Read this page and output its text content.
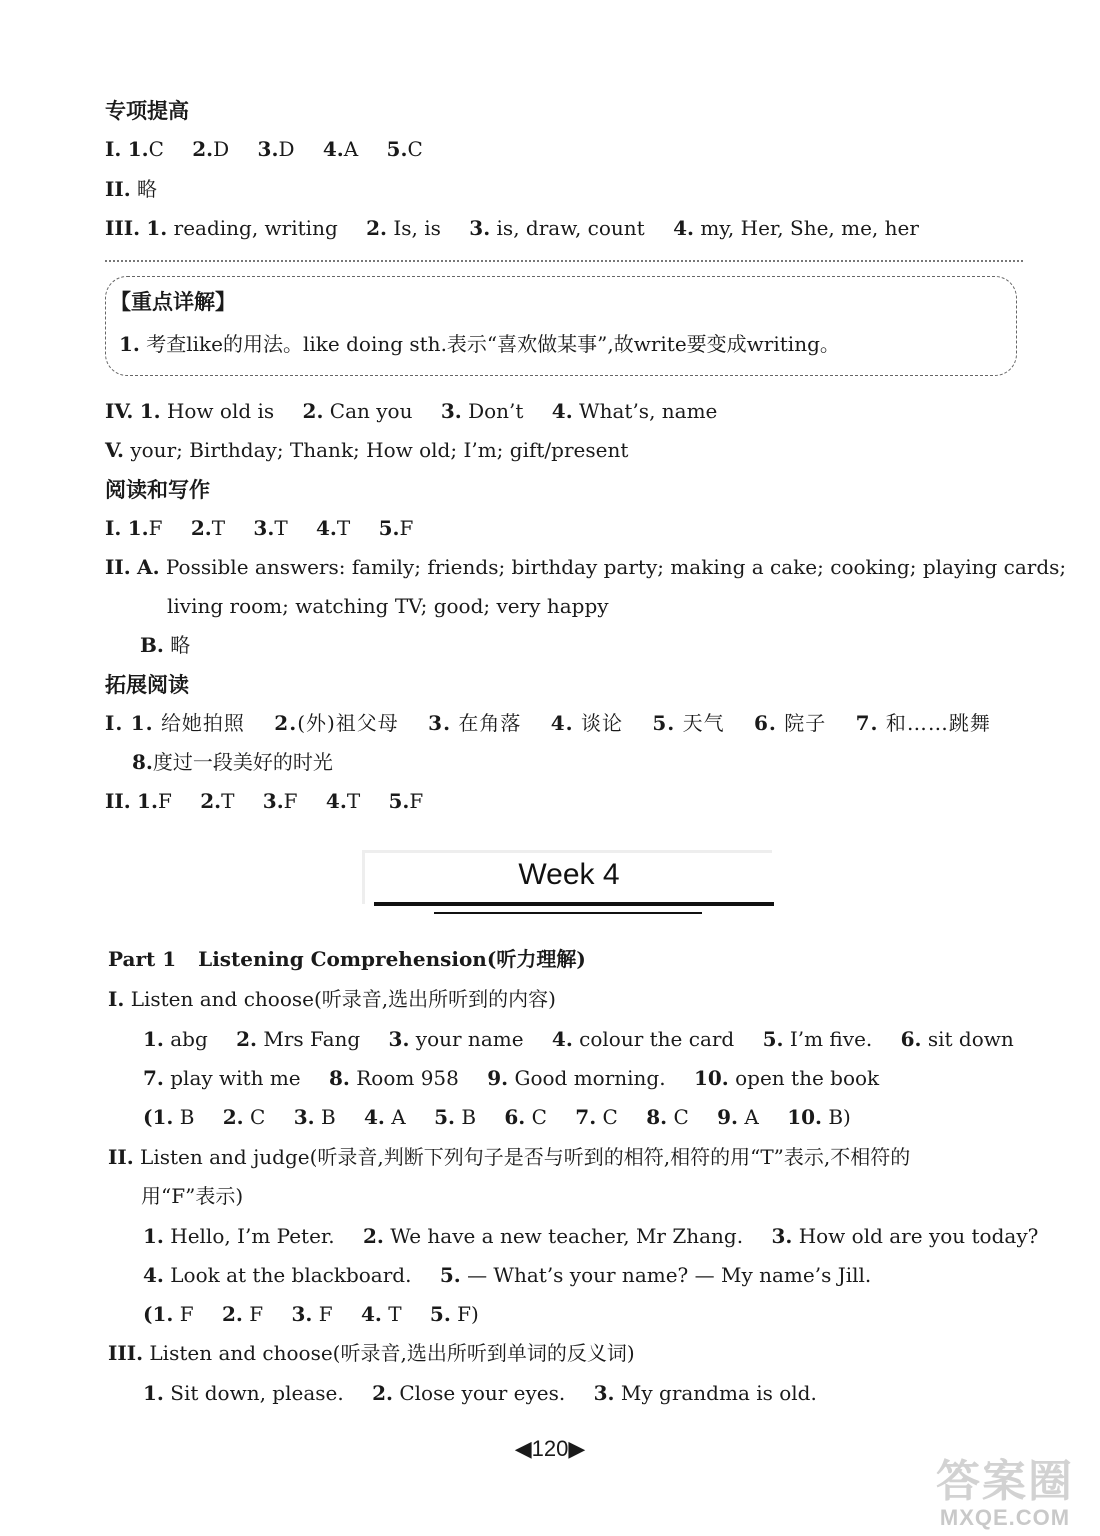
专项提高
I. 1.C 2.D 3.D 4.A 5.C
II. 略
III. 1. reading, writing 2. Is, is 3. is, draw, count 4. my, Her, She, me, her
【重点详解】
1. 考查like的用法。like doing sth.表示“喜欢做某事”,故write要变成writing。
IV. 1. How old is 2. Can you 3. Don’t 4. What’s, name
V. your; Birthday; Thank; How old; I’m; gift/present
阅读和写作
I. 1.F 2.T 3.T 4.T 5.F
II. A. Possible answers: family; friends; birthday party; making a cake; cooking; playing cards;
living room; watching TV; good; very happy
B. 略
拓展阅读
I. 1. 给她拍照 2.(外)祖父母 3. 在角落 4. 谈论 5. 天气 6. 院子 7. 和……跳舞
8.度过一段美好的时光
II. 1.F 2.T 3.F 4.T 5.F
Week 4
Part 1 Listening Comprehension(听力理解)
I. Listen and choose(听录音,选出所听到的内容)
1. abg 2. Mrs Fang 3. your name 4. colour the card 5. I’m five. 6. sit down
7. play with me 8. Room 958 9. Good morning. 10. open the book
(1. B 2. C 3. B 4. A 5. B 6. C 7. C 8. C 9. A 10. B)
II. Listen and judge(听录音,判断下列句子是否与听到的相符,相符的用“T”表示,不相符的
用“F”表示)
1. Hello, I’m Peter. 2. We have a new teacher, Mr Zhang. 3. How old are you today?
4. Look at the blackboard. 5. — What’s your name? — My name’s Jill.
(1. F 2. F 3. F 4. T 5. F)
III. Listen and choose(听录音,选出所听到单词的反义词)
1. Sit down, please. 2. Close your eyes. 3. My grandma is old.
◀120▶
答案圈
MXQE.COM
